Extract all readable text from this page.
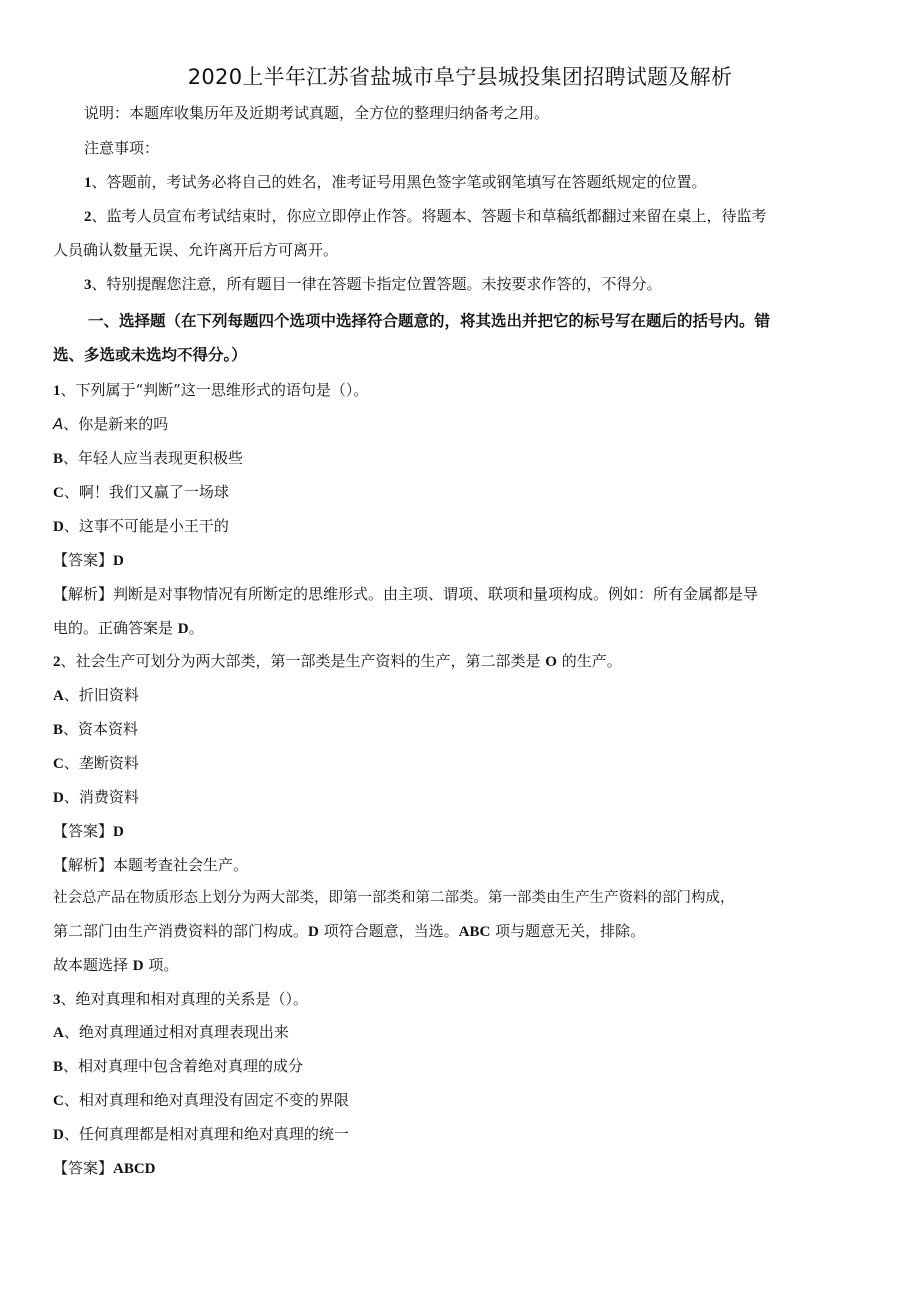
2020上半年江苏省盐城市阜宁县城投集团招聘试题及解析
说明：本题库收集历年及近期考试真题，全方位的整理归纳备考之用。
注意事项：
1、答题前，考试务必将自己的姓名，准考证号用黑色签字笔或钢笔填写在答题纸规定的位置。
2、监考人员宣布考试结束时，你应立即停止作答。将题本、答题卡和草稿纸都翻过来留在桌上，待监考
人员确认数量无误、允许离开后方可离开。
3、特别提醒您注意，所有题目一律在答题卡指定位置答题。未按要求作答的，不得分。
一、选择题（在下列每题四个选项中选择符合题意的，将其选出并把它的标号写在题后的括号内。错
选、多选或未选均不得分。）
1、下列属于“判断”这一思维形式的语句是（）。
A、你是新来的吗
B、年轻人应当表现更积极些
C、啊！我们又赢了一场球
D、这事不可能是小王干的
【答案】D
【解析】判断是对事物情况有所断定的思维形式。由主项、谓项、联项和量项构成。例如：所有金属都是导
电的。正确答案是 D。
2、社会生产可划分为两大部类，第一部类是生产资料的生产，第二部类是 O 的生产。
A、折旧资料
B、资本资料
C、垄断资料
D、消费资料
【答案】D
【解析】本题考查社会生产。
社会总产品在物质形态上划分为两大部类，即第一部类和第二部类。第一部类由生产生产资料的部门构成，
第二部门由生产消费资料的部门构成。D 项符合题意，当选。ABC 项与题意无关，排除。
故本题选择 D 项。
3、绝对真理和相对真理的关系是（）。
A、绝对真理通过相对真理表现出来
B、相对真理中包含着绝对真理的成分
C、相对真理和绝对真理没有固定不变的界限
D、任何真理都是相对真理和绝对真理的统一
【答案】ABCD
